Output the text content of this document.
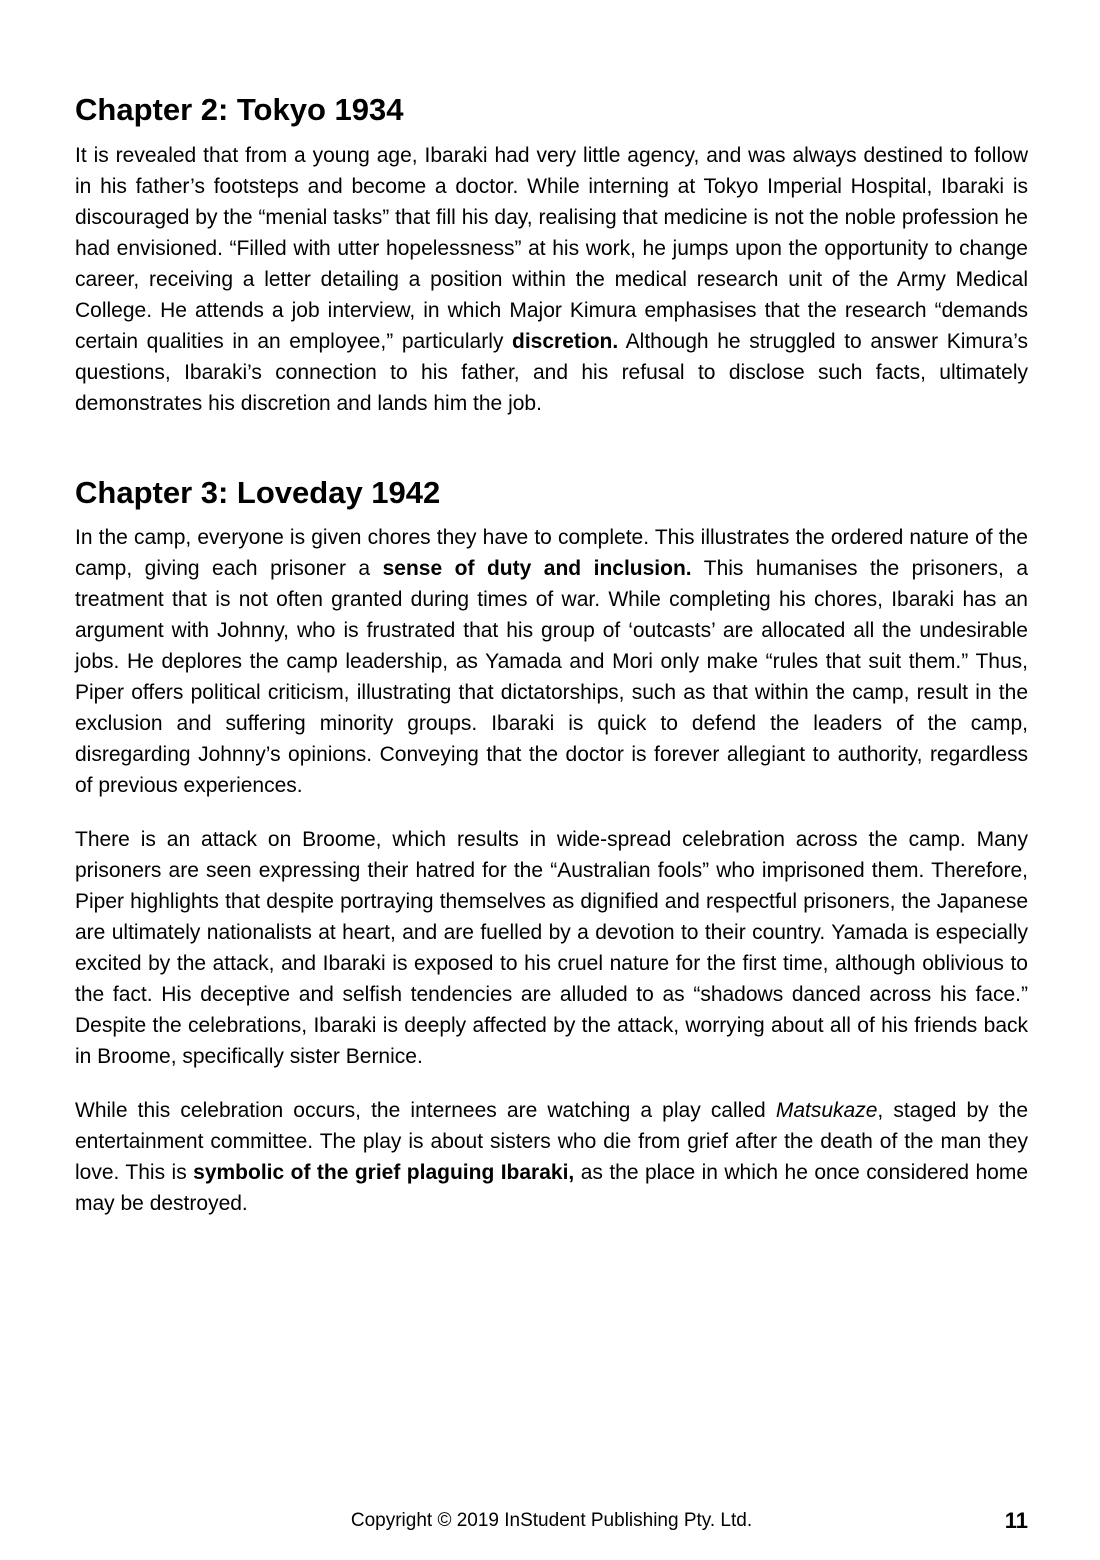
Chapter 2: Tokyo 1934

It is revealed that from a young age, Ibaraki had very little agency, and was always destined to follow in his father’s footsteps and become a doctor. While interning at Tokyo Imperial Hospital, Ibaraki is discouraged by the “menial tasks” that fill his day, realising that medicine is not the noble profession he had envisioned. “Filled with utter hopelessness” at his work, he jumps upon the opportunity to change career, receiving a letter detailing a position within the medical research unit of the Army Medical College. He attends a job interview, in which Major Kimura emphasises that the research “demands certain qualities in an employee,” particularly discretion. Although he struggled to answer Kimura’s questions, Ibaraki’s connection to his father, and his refusal to disclose such facts, ultimately demonstrates his discretion and lands him the job.

Chapter 3: Loveday 1942

In the camp, everyone is given chores they have to complete. This illustrates the ordered nature of the camp, giving each prisoner a sense of duty and inclusion. This humanises the prisoners, a treatment that is not often granted during times of war. While completing his chores, Ibaraki has an argument with Johnny, who is frustrated that his group of ‘outcasts’ are allocated all the undesirable jobs. He deplores the camp leadership, as Yamada and Mori only make “rules that suit them.” Thus, Piper offers political criticism, illustrating that dictatorships, such as that within the camp, result in the exclusion and suffering minority groups. Ibaraki is quick to defend the leaders of the camp, disregarding Johnny’s opinions. Conveying that the doctor is forever allegiant to authority, regardless of previous experiences.

There is an attack on Broome, which results in wide-spread celebration across the camp. Many prisoners are seen expressing their hatred for the “Australian fools” who imprisoned them. Therefore, Piper highlights that despite portraying themselves as dignified and respectful prisoners, the Japanese are ultimately nationalists at heart, and are fuelled by a devotion to their country. Yamada is especially excited by the attack, and Ibaraki is exposed to his cruel nature for the first time, although oblivious to the fact. His deceptive and selfish tendencies are alluded to as “shadows danced across his face.” Despite the celebrations, Ibaraki is deeply affected by the attack, worrying about all of his friends back in Broome, specifically sister Bernice.

While this celebration occurs, the internees are watching a play called Matsukaze, staged by the entertainment committee. The play is about sisters who die from grief after the death of the man they love. This is symbolic of the grief plaguing Ibaraki, as the place in which he once considered home may be destroyed.

Copyright © 2019 InStudent Publishing Pty. Ltd.	11
